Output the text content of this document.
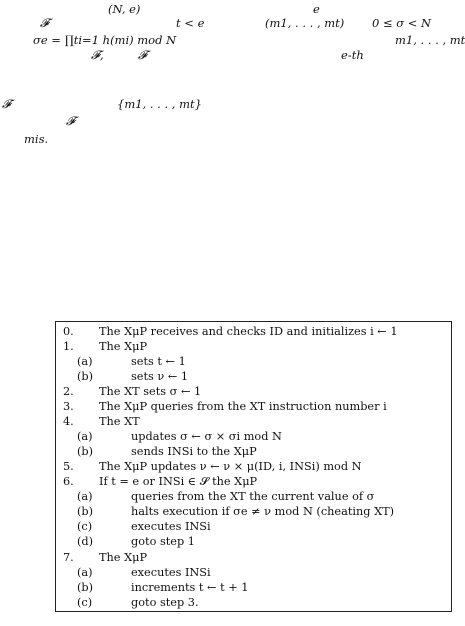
(N, e)	e
𝓕	t < e	(m1, . . . , mt) 0 ≤ σ < N
σe = ∏ti=1 h(mi) mod N	m1, . . . , mt
𝓕,	𝓕	e-th
𝓕	{m1, . . . , mt}
𝓕
mis.
0. The XμP receives and checks ID and initializes i ← 1
1. The XμP
(a)	sets t ← 1
(b)	sets ν ← 1
2. The XT sets σ ← 1
3. The XμP queries from the XT instruction number i
4. The XT
(a)	updates σ ← σ × σi mod N
(b)	sends INSi to the XμP
5. The XμP updates ν ← ν × μ(ID, i, INSi) mod N
6. If t = e or INSi ∈ 𝓢 the XμP
(a)	queries from the XT the current value of σ
(b)	halts execution if σe ≠ ν mod N (cheating XT)
(c)	executes INSi
(d)	goto step 1
7. The XμP
(a)	executes INSi
(b)	increments t ← t + 1
(c)	goto step 3.
